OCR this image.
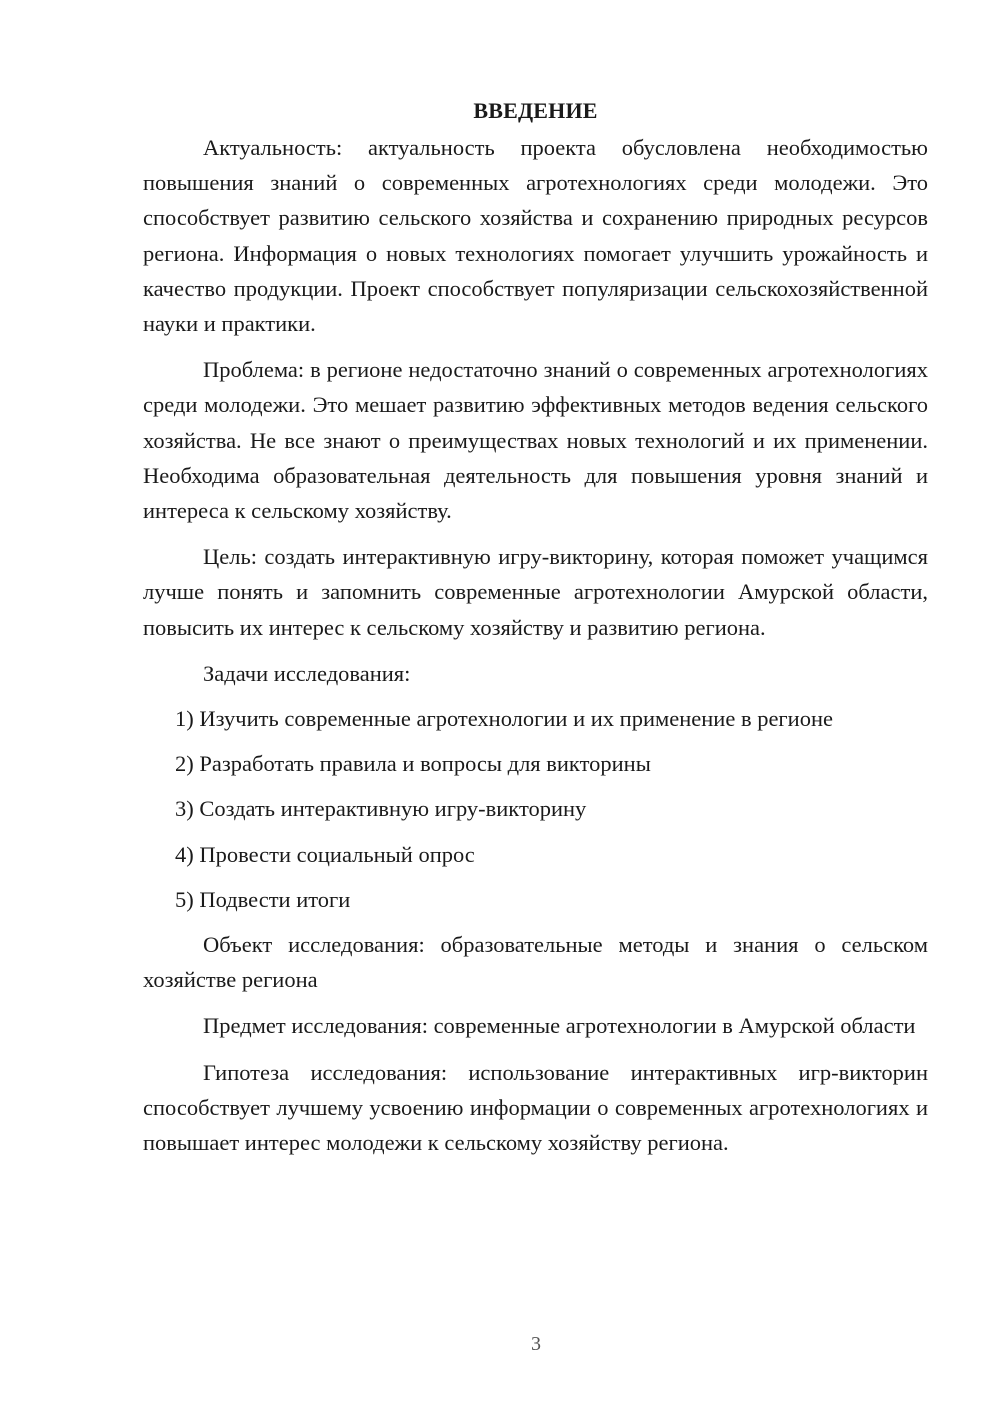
ВВЕДЕНИЕ

Актуальность: актуальность проекта обусловлена необходимостью повышения знаний о современных агротехнологиях среди молодежи. Это способствует развитию сельского хозяйства и сохранению природных ресурсов региона. Информация о новых технологиях помогает улучшить урожайность и качество продукции. Проект способствует популяризации сельскохозяйственной науки и практики.

Проблема: в регионе недостаточно знаний о современных агротехнологиях среди молодежи. Это мешает развитию эффективных методов ведения сельского хозяйства. Не все знают о преимуществах новых технологий и их применении. Необходима образовательная деятельность для повышения уровня знаний и интереса к сельскому хозяйству.

Цель: создать интерактивную игру-викторину, которая поможет учащимся лучше понять и запомнить современные агротехнологии Амурской области, повысить их интерес к сельскому хозяйству и развитию региона.

Задачи исследования:

1) Изучить современные агротехнологии и их применение в регионе

2) Разработать правила и вопросы для викторины

3) Создать интерактивную игру-викторину

4) Провести социальный опрос

5) Подвести итоги

Объект исследования: образовательные методы и знания о сельском хозяйстве региона

Предмет исследования: современные агротехнологии в Амурской области

Гипотеза исследования: использование интерактивных игр-викторин способствует лучшему усвоению информации о современных агротехнологиях и повышает интерес молодежи к сельскому хозяйству региона.

3
